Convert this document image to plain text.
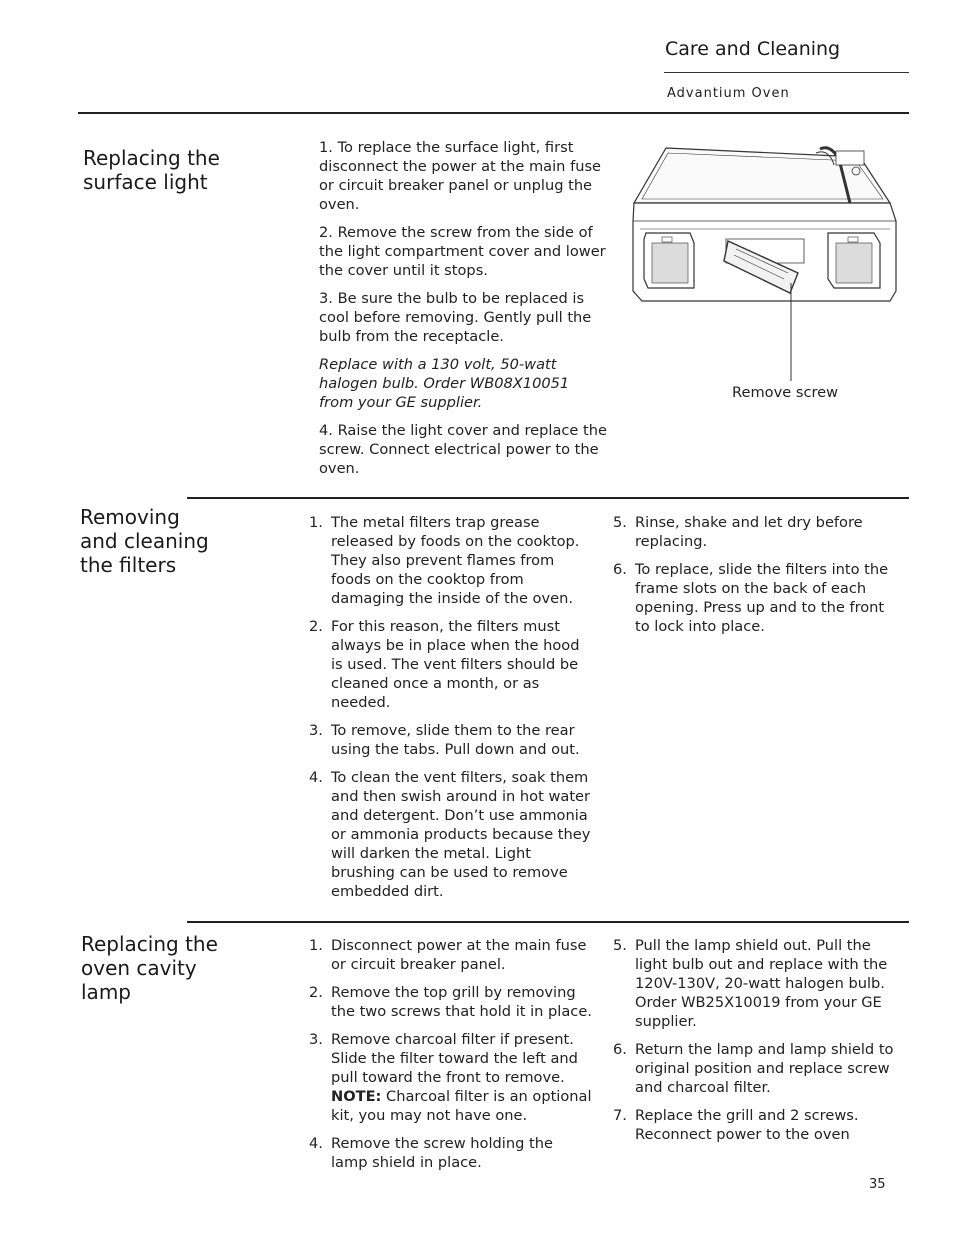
Care and Cleaning
Advantium Oven
Replacing the
surface light

1. To replace the surface light, first disconnect the power at the main fuse or circuit breaker panel or unplug the oven.

2. Remove the screw from the side of the light compartment cover and lower the cover until it stops.

3. Be sure the bulb to be replaced is cool before removing. Gently pull the bulb from the receptacle.

Replace with a 130 volt, 50-watt halogen bulb. Order WB08X10051 from your GE supplier.

4. Raise the light cover and replace the screw. Connect electrical power to the oven.

Remove screw
Removing
and cleaning
the filters
1. The metal filters trap grease released by foods on the cooktop. They also prevent flames from foods on the cooktop from damaging the inside of the oven.
2. For this reason, the filters must always be in place when the hood is used. The vent filters should be cleaned once a month, or as needed.
3. To remove, slide them to the rear using the tabs. Pull down and out.
4. To clean the vent filters, soak them and then swish around in hot water and detergent. Don’t use ammonia or ammonia products because they will darken the metal. Light brushing can be used to remove embedded dirt.
5. Rinse, shake and let dry before replacing.
6. To replace, slide the filters into the frame slots on the back of each opening. Press up and to the front to lock into place.
Replacing the
oven cavity
lamp
1. Disconnect power at the main fuse or circuit breaker panel.
2. Remove the top grill by removing the two screws that hold it in place.
3. Remove charcoal filter if present. Slide the filter toward the left and pull toward the front to remove. NOTE: Charcoal filter is an optional kit, you may not have one.
4. Remove the screw holding the lamp shield in place.
5. Pull the lamp shield out. Pull the light bulb out and replace with the 120V-130V, 20-watt halogen bulb. Order WB25X10019 from your GE supplier.
6. Return the lamp and lamp shield to original position and replace screw and charcoal filter.
7. Replace the grill and 2 screws. Reconnect power to the oven
35
